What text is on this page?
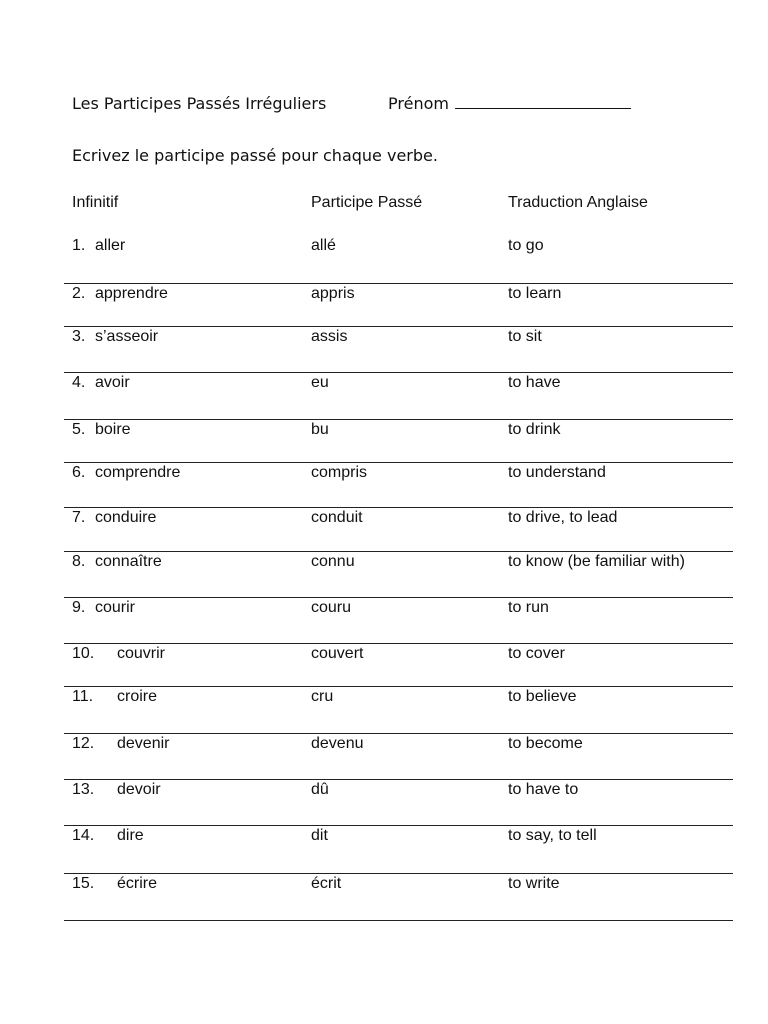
Les Participes Passés Irréguliers	Prénom
Ecrivez le participe passé pour chaque verbe.
Infinitif	Participe Passé	Traduction Anglaise
1. aller	allé	to go
2. apprendre	appris	to learn
3. s’asseoir	assis	to sit
4. avoir	eu	to have
5. boire	bu	to drink
6. comprendre	compris	to understand
7. conduire	conduit	to drive, to lead
8. connaître	connu	to know (be familiar with)
9. courir	couru	to run
10. couvrir	couvert	to cover
11. croire	cru	to believe
12. devenir	devenu	to become
13. devoir	dû	to have to
14. dire	dit	to say, to tell
15. écrire	écrit	to write
